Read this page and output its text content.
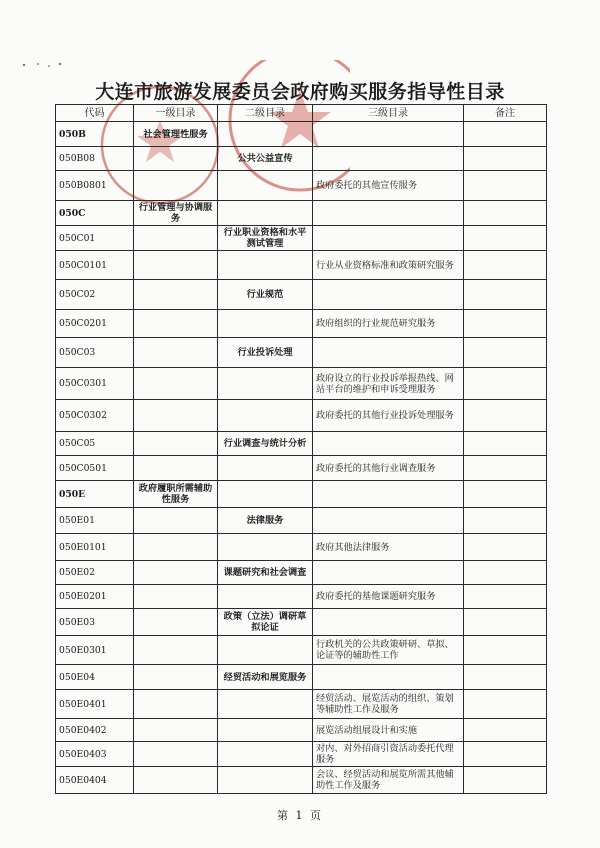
大连市旅游发展委员会政府购买服务指导性目录
代码	一级目录	二级目录	三级目录	备注
050B	社会管理性服务			
050B08		公共公益宣传		
050B0801			政府委托的其他宣传服务	
050C	行业管理与协调服务			
050C01		行业职业资格和水平测试管理		
050C0101			行业从业资格标准和政策研究服务	
050C02		行业规范		
050C0201			政府组织的行业规范研究服务	
050C03		行业投诉处理		
050C0301			政府设立的行业投诉举报热线、网站平台的维护和申诉受理服务	
050C0302			政府委托的其他行业投诉处理服务	
050C05		行业调查与统计分析		
050C0501			政府委托的其他行业调查服务	
050E	政府履职所需辅助性服务			
050E01		法律服务		
050E0101			政府其他法律服务	
050E02		课题研究和社会调查		
050E0201			政府委托的基他课题研究服务	
050E03		政策（立法）调研草拟论证		
050E0301			行政机关的公共政策研研、草拟、论证等的辅助性工作	
050E04		经贸活动和展览服务		
050E0401			经贸活动、展览活动的组织、策划等辅助性工作及服务	
050E0402			展览活动组展设计和实施	
050E0403			对内、对外招商引资活动委托代理服务	
050E0404			会议、经贸活动和展览所需其他辅助性工作及服务	
第 1 页
